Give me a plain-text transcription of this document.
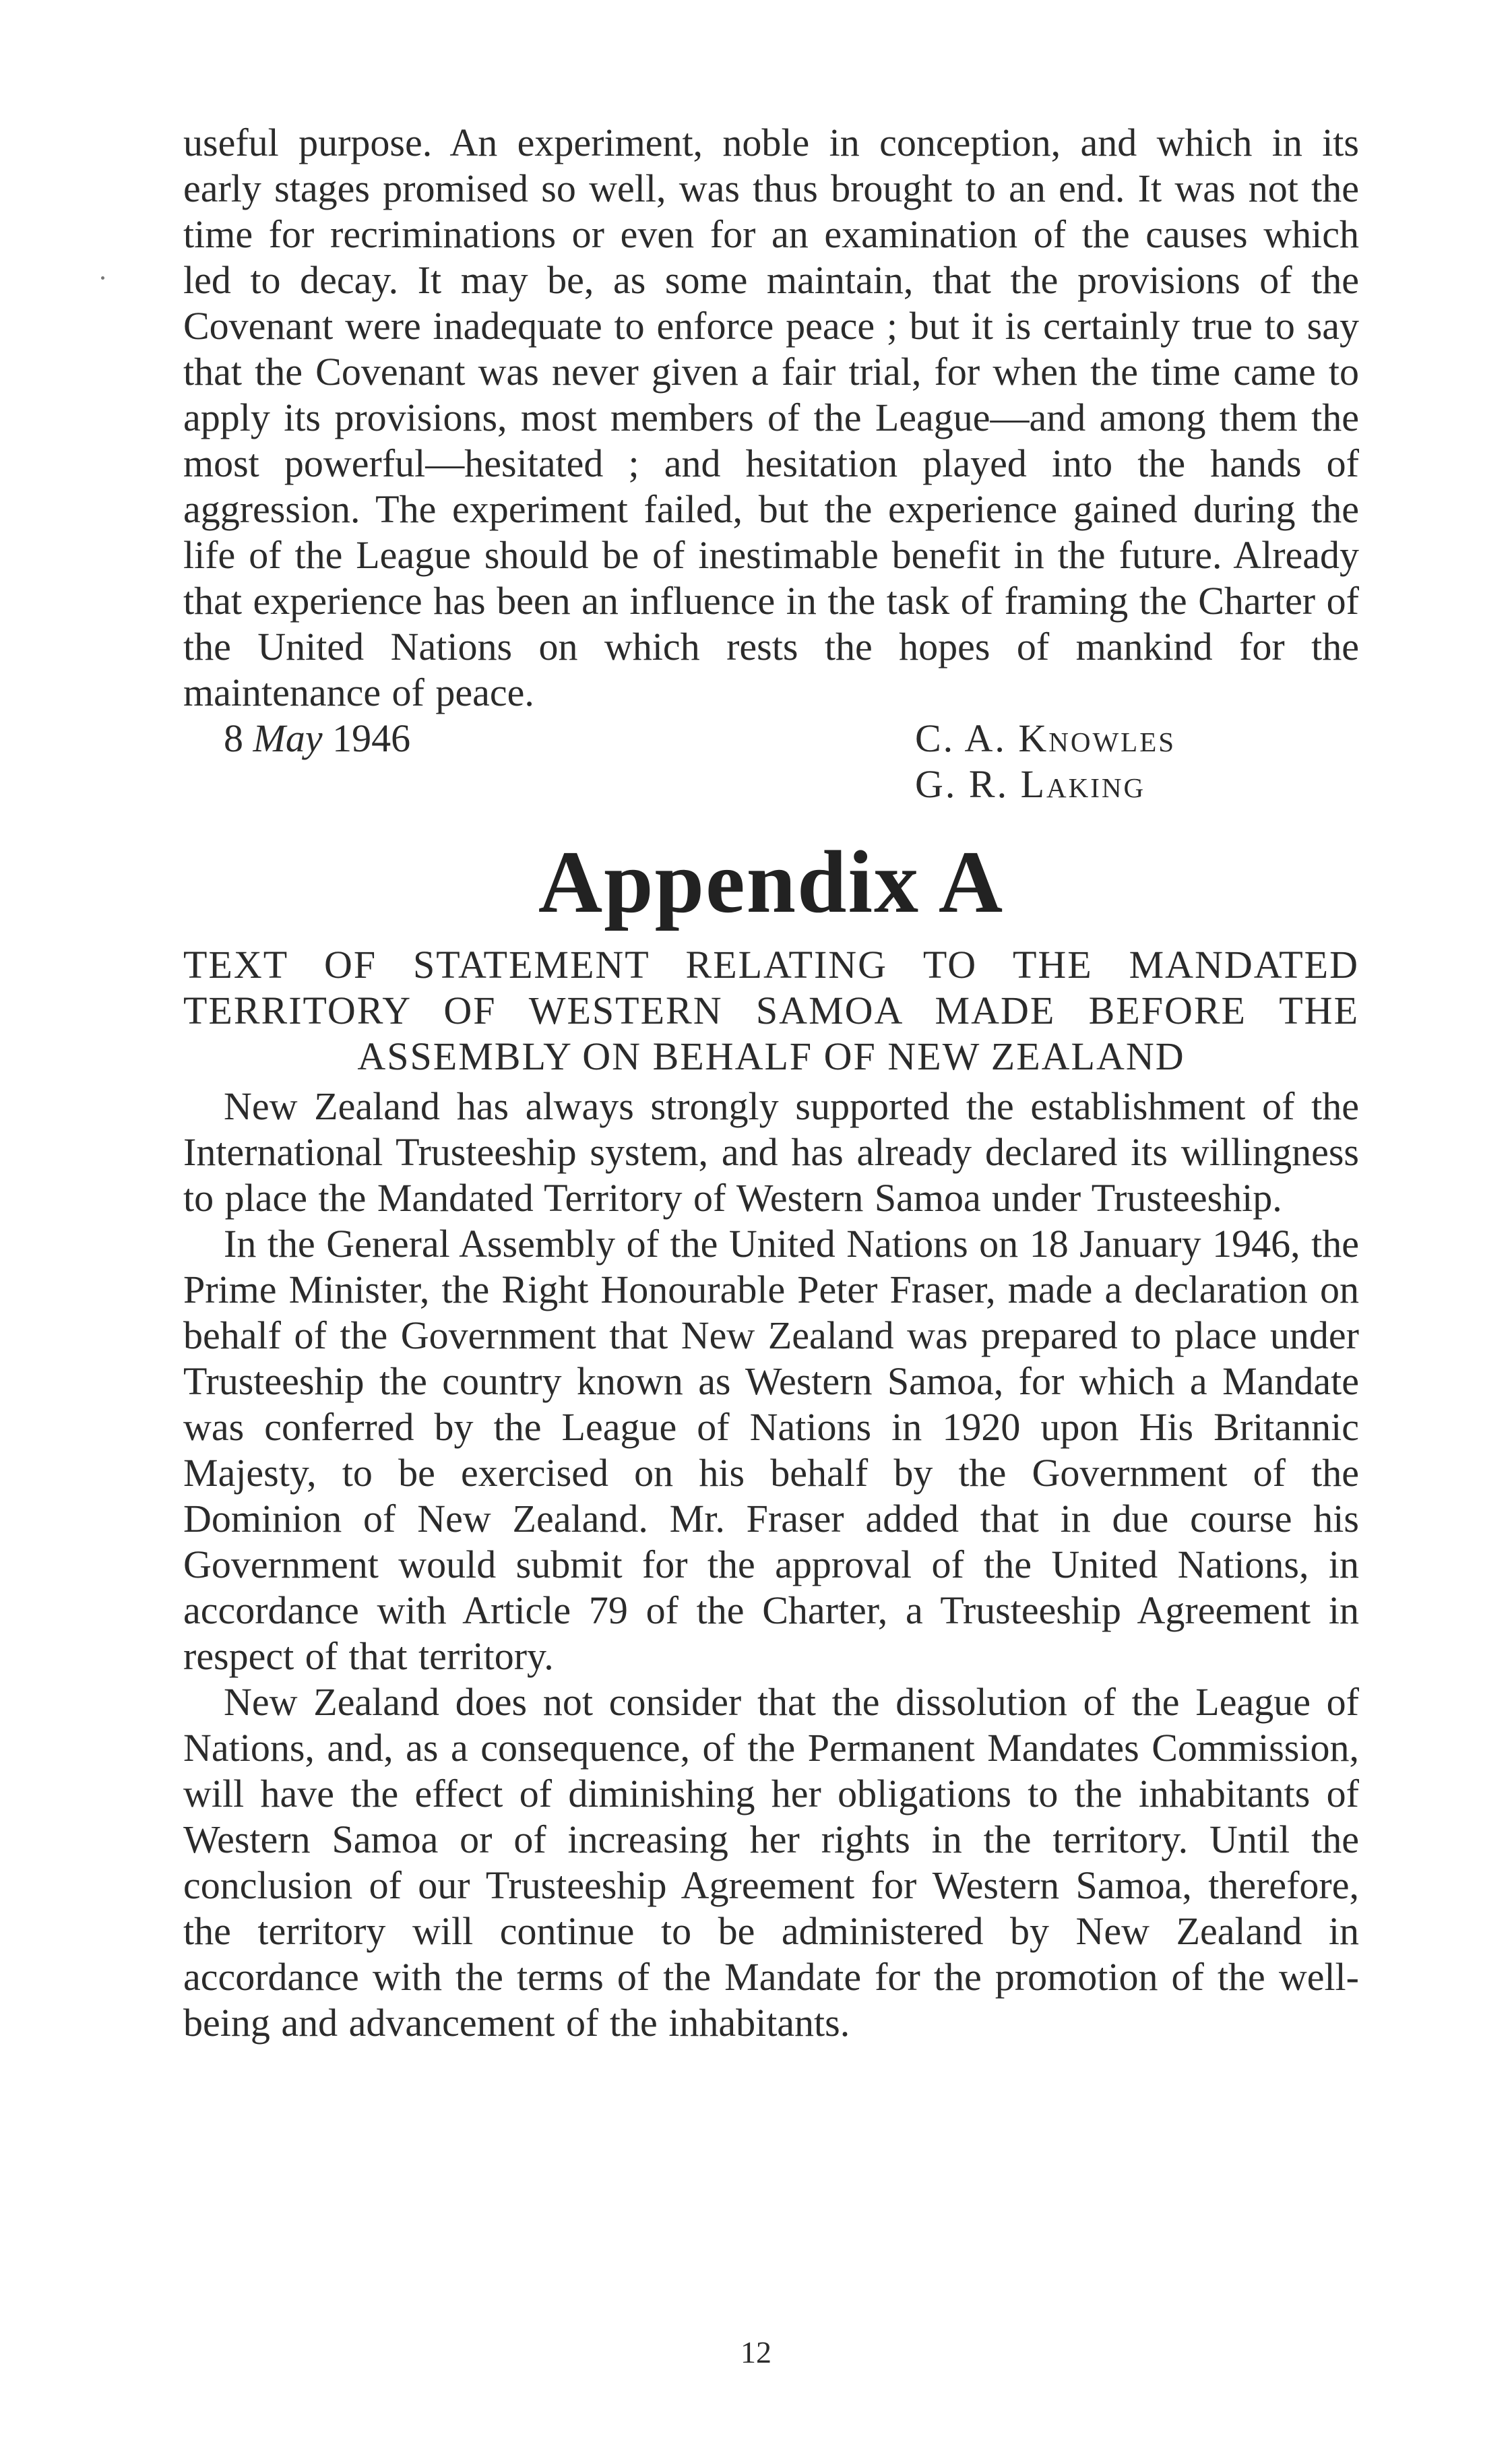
useful purpose. An experiment, noble in conception, and which in its early stages promised so well, was thus brought to an end. It was not the time for recriminations or even for an examination of the causes which led to decay. It may be, as some maintain, that the provisions of the Covenant were inadequate to enforce peace ; but it is certainly true to say that the Covenant was never given a fair trial, for when the time came to apply its provisions, most members of the League—and among them the most powerful—hesitated ; and hesitation played into the hands of aggression. The experiment failed, but the experience gained during the life of the League should be of inestimable benefit in the future. Already that experience has been an influence in the task of framing the Charter of the United Nations on which rests the hopes of mankind for the maintenance of peace.

8 May 1946	C. A. Knowles
G. R. Laking
Appendix A

TEXT OF STATEMENT RELATING TO THE MANDATED TERRITORY OF WESTERN SAMOA MADE BEFORE THE ASSEMBLY ON BEHALF OF NEW ZEALAND

New Zealand has always strongly supported the establishment of the International Trusteeship system, and has already declared its willingness to place the Mandated Territory of Western Samoa under Trusteeship.

In the General Assembly of the United Nations on 18 January 1946, the Prime Minister, the Right Honourable Peter Fraser, made a declaration on behalf of the Government that New Zealand was prepared to place under Trusteeship the country known as Western Samoa, for which a Mandate was conferred by the League of Nations in 1920 upon His Britannic Majesty, to be exercised on his behalf by the Government of the Dominion of New Zealand. Mr. Fraser added that in due course his Government would submit for the approval of the United Nations, in accordance with Article 79 of the Charter, a Trusteeship Agreement in respect of that territory.

New Zealand does not consider that the dissolution of the League of Nations, and, as a consequence, of the Permanent Mandates Commission, will have the effect of diminishing her obligations to the inhabitants of Western Samoa or of increasing her rights in the territory. Until the conclusion of our Trusteeship Agreement for Western Samoa, therefore, the territory will continue to be administered by New Zealand in accordance with the terms of the Mandate for the promotion of the well-being and advancement of the inhabitants.

12
